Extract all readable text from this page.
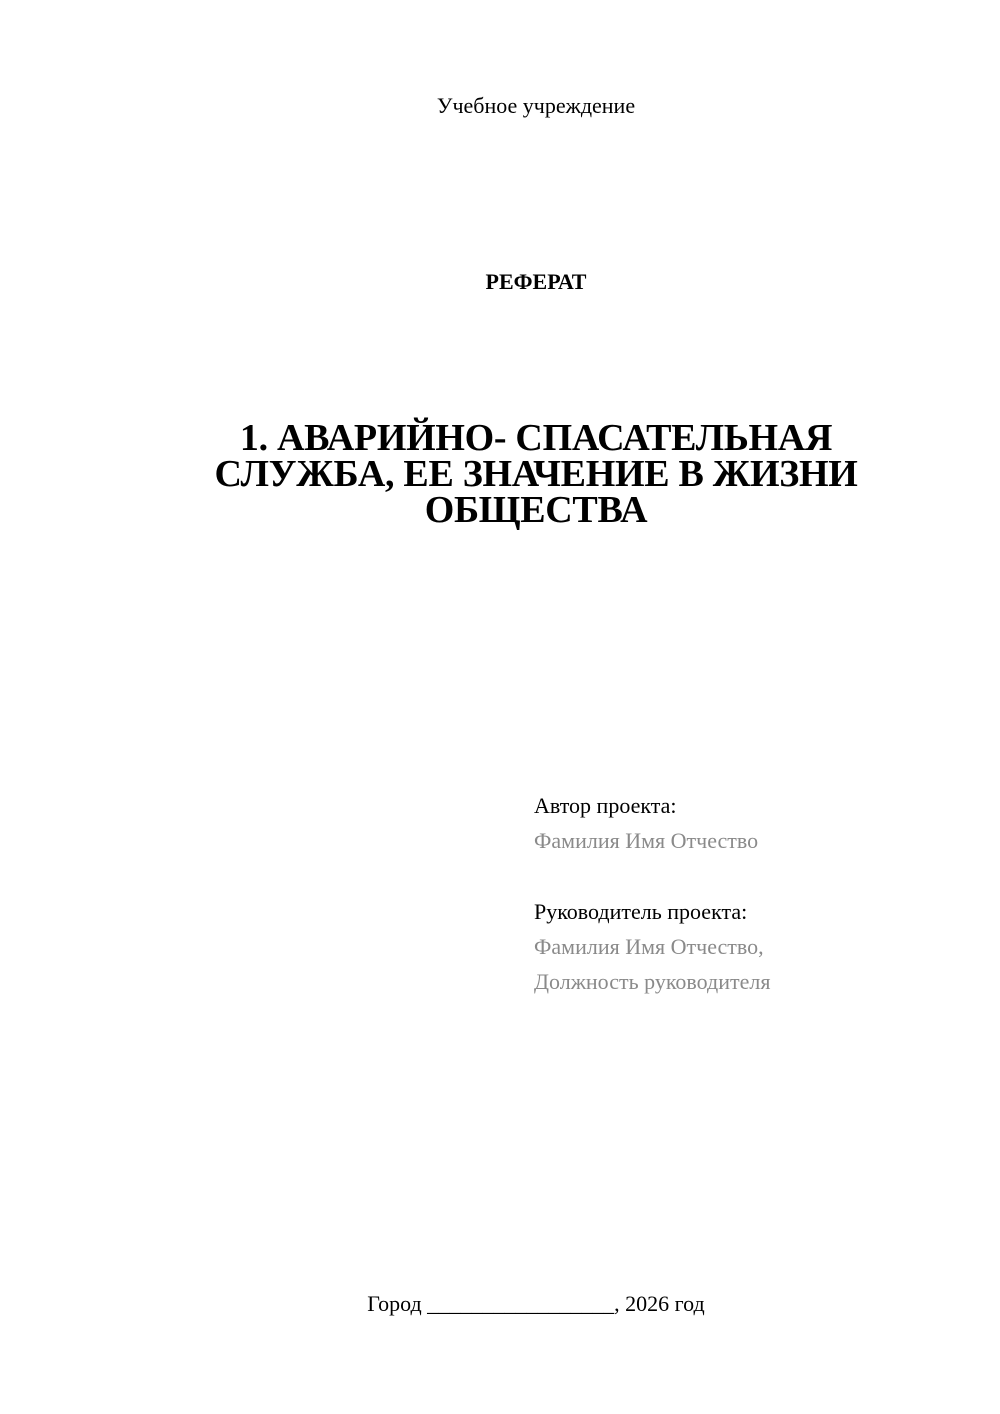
Учебное учреждение
РЕФЕРАТ
1. АВАРИЙНО- СПАСАТЕЛЬНАЯ
СЛУЖБА, ЕЕ ЗНАЧЕНИЕ В ЖИЗНИ
ОБЩЕСТВА
Автор проекта:
Фамилия Имя Отчество
Руководитель проекта:
Фамилия Имя Отчество,
Должность руководителя
Город _________________, 2026 год
